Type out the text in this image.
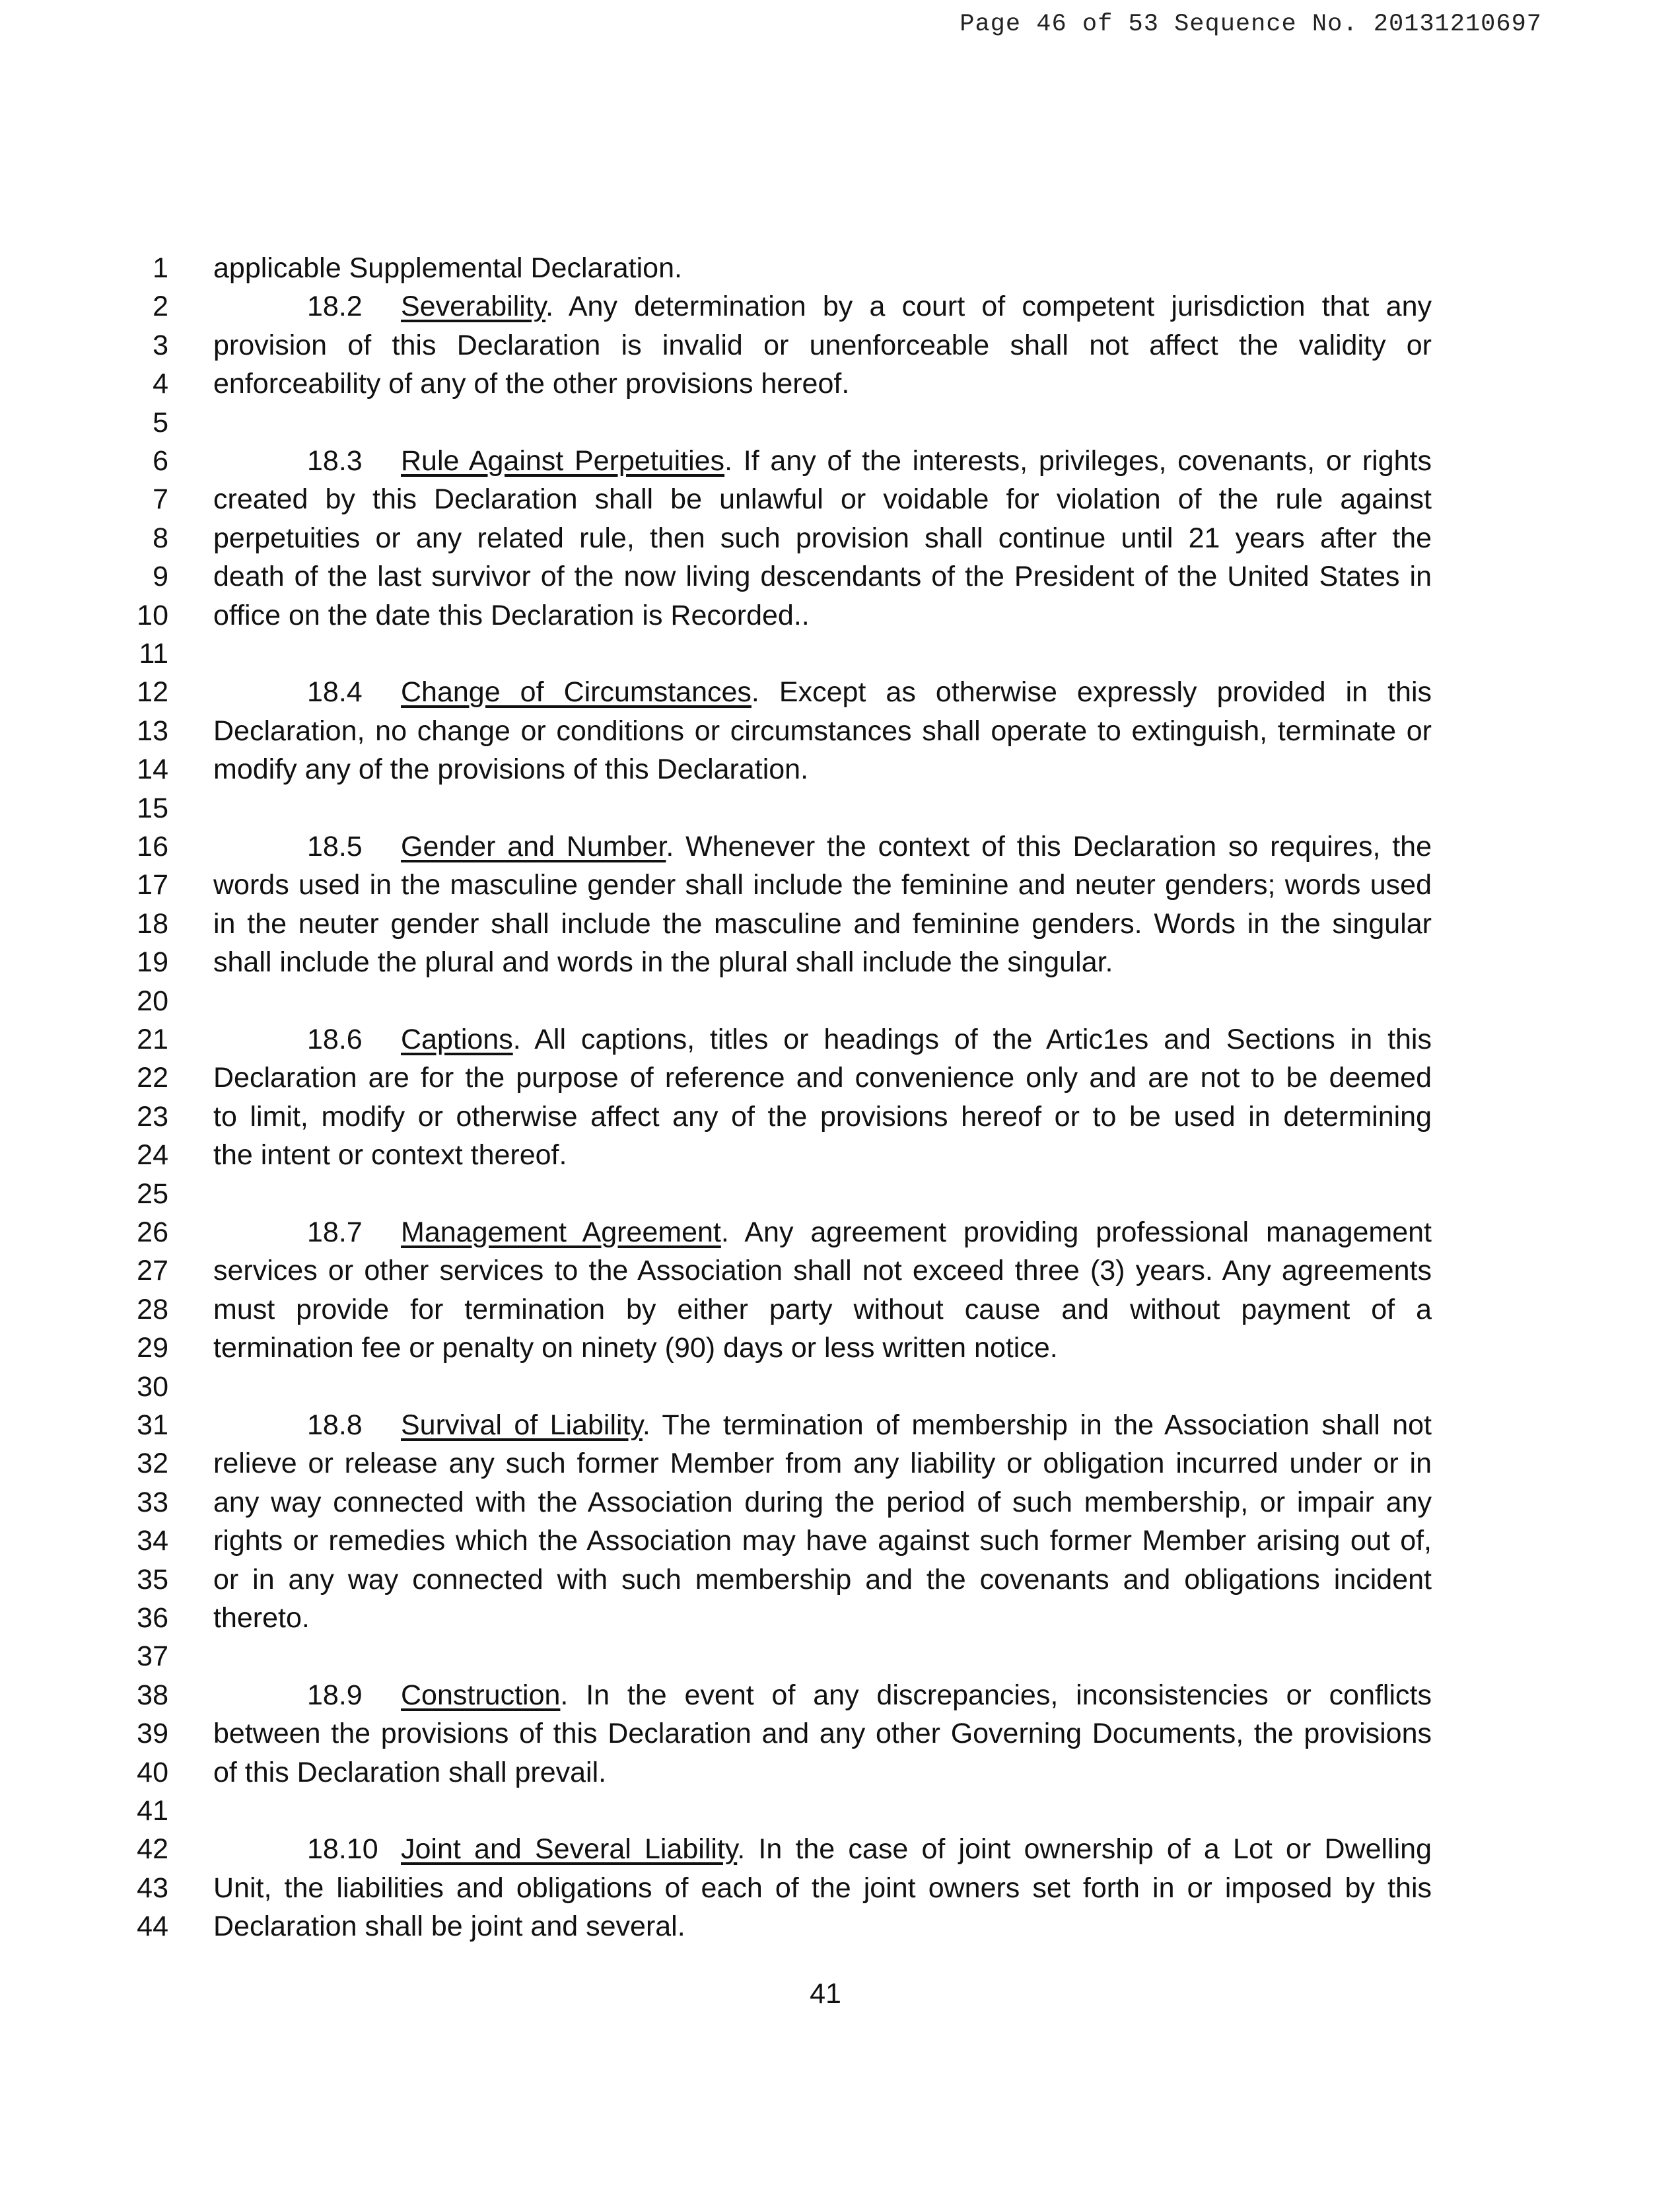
Page 46 of 53 Sequence No. 20131210697
1 applicable Supplemental Declaration.
2	18.2 Severability. Any determination by a court of competent jurisdiction that any
3 provision of this Declaration is invalid or unenforceable shall not affect the validity or
4 enforceability of any of the other provisions hereof.
5
6	18.3 Rule Against Perpetuities. If any of the interests, privileges, covenants, or rights
7 created by this Declaration shall be unlawful or voidable for violation of the rule against
8 perpetuities or any related rule, then such provision shall continue until 21 years after the
9 death of the last survivor of the now living descendants of the President of the United States in
10 office on the date this Declaration is Recorded..
11
12	18.4 Change of Circumstances. Except as otherwise expressly provided in this
13 Declaration, no change or conditions or circumstances shall operate to extinguish, terminate or
14 modify any of the provisions of this Declaration.
15
16	18.5 Gender and Number. Whenever the context of this Declaration so requires, the
17 words used in the masculine gender shall include the feminine and neuter genders; words used
18 in the neuter gender shall include the masculine and feminine genders. Words in the singular
19 shall include the plural and words in the plural shall include the singular.
20
21	18.6 Captions. All captions, titles or headings of the Artic1es and Sections in this
22 Declaration are for the purpose of reference and convenience only and are not to be deemed
23 to limit, modify or otherwise affect any of the provisions hereof or to be used in determining
24 the intent or context thereof.
25
26	18.7 Management Agreement. Any agreement providing professional management
27 services or other services to the Association shall not exceed three (3) years. Any agreements
28 must provide for termination by either party without cause and without payment of a
29 termination fee or penalty on ninety (90) days or less written notice.
30
31	18.8 Survival of Liability. The termination of membership in the Association shall not
32 relieve or release any such former Member from any liability or obligation incurred under or in
33 any way connected with the Association during the period of such membership, or impair any
34 rights or remedies which the Association may have against such former Member arising out of,
35 or in any way connected with such membership and the covenants and obligations incident
36 thereto.
37
38	18.9 Construction. In the event of any discrepancies, inconsistencies or conflicts
39 between the provisions of this Declaration and any other Governing Documents, the provisions
40 of this Declaration shall prevail.
41
42	18.10 Joint and Several Liability. In the case of joint ownership of a Lot or Dwelling
43 Unit, the liabilities and obligations of each of the joint owners set forth in or imposed by this
44 Declaration shall be joint and several.
41
